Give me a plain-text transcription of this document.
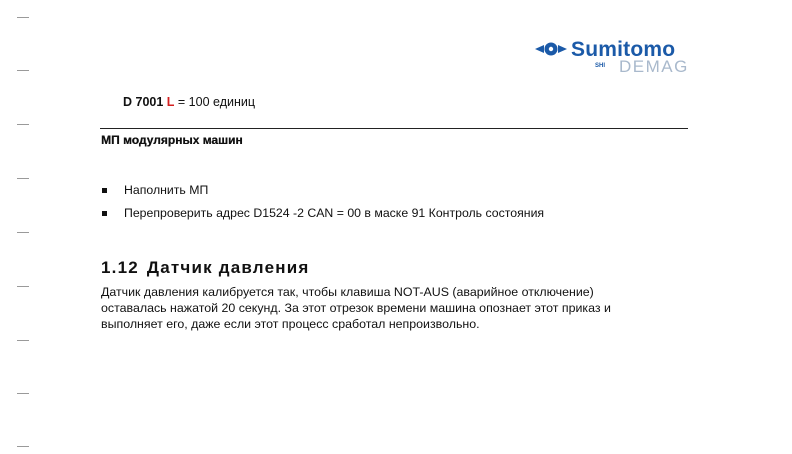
Sumitomo
SHI DEMAG
D 7001 L = 100 единиц
МП модулярных машин
Наполнить МП
Перепроверить адрес D1524 -2 CAN = 00 в маске 91 Контроль состояния
1.12 Датчик давления
Датчик давления калибруется так, чтобы клавиша NOT-AUS (аварийное отключение)
оставалась нажатой 20 секунд. За этот отрезок времени машина опознает этот приказ и
выполняет его, даже если этот процесс сработал непроизвольно.
